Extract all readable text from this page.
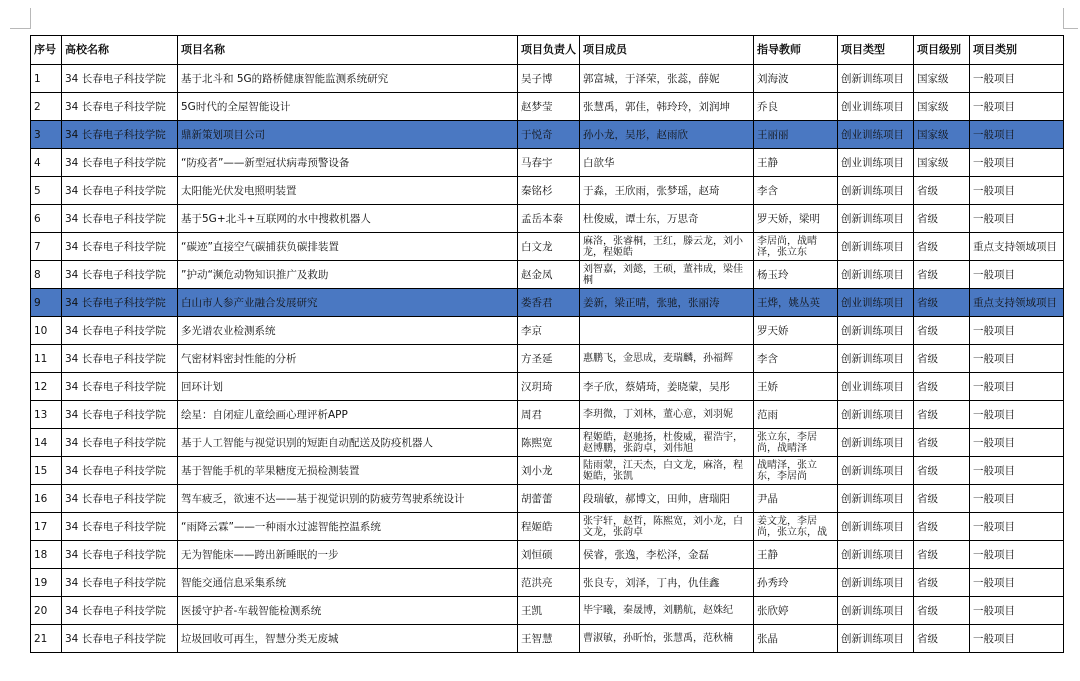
序号	高校名称	项目名称	项目负责人	项目成员	指导教师	项目类型	项目级别	项目类别
1	34 长春电子科技学院	基于北斗和 5G的路桥健康智能监测系统研究	吴子博	郭富城，于泽荣，张蕊，薛妮	刘海波	创新训练项目	国家级	一般项目
2	34 长春电子科技学院	5G时代的全屋智能设计	赵梦莹	张慧禹，郭佳，韩玲玲，刘润坤	乔良	创业训练项目	国家级	一般项目
3	34 长春电子科技学院	鼎新策划项目公司	于悦奇	孙小龙，吴彤，赵雨欣	王丽丽	创业训练项目	国家级	一般项目
4	34 长春电子科技学院	“防疫者”——新型冠状病毒预警设备	马春宇	白歆华	王静	创业训练项目	国家级	一般项目
5	34 长春电子科技学院	太阳能光伏发电照明装置	秦铭杉	于淼，王欣雨，张梦瑶，赵琦	李含	创新训练项目	省级	一般项目
6	34 长春电子科技学院	基于5G+北斗+互联网的水中搜救机器人	孟岳本泰	杜俊威，谭士东，万思奇	罗天娇，梁明	创新训练项目	省级	一般项目
7	34 长春电子科技学院	“碳迹”直接空气碳捕获负碳排装置	白文龙	麻洛，张睿桐，王红，滕云龙，刘小龙，程姬皓	李居尚，战晴泽，张立东	创新训练项目	省级	重点支持领域项目
8	34 长春电子科技学院	”护动“濒危动物知识推广及救助	赵金凤	刘智嘉，刘懿，王硕，董祎成，梁佳桐	杨玉玲	创新训练项目	省级	一般项目
9	34 长春电子科技学院	白山市人参产业融合发展研究	娄香君	姜新，梁正晴，张驰，张丽涛	王烨，姚丛英	创业训练项目	省级	重点支持领域项目
10	34 长春电子科技学院	多光谱农业检测系统	李京		罗天娇	创新训练项目	省级	一般项目
11	34 长春电子科技学院	气密材料密封性能的分析	方圣延	惠鹏飞，金思成，麦瑞麟，孙福辉	李含	创新训练项目	省级	一般项目
12	34 长春电子科技学院	回环计划	汉玥琦	李子欣，蔡婧琦，姜晓蒙，吴彤	王娇	创业训练项目	省级	一般项目
13	34 长春电子科技学院	绘星：自闭症儿童绘画心理评析APP	周君	李玥微，丁刘林，董心意，刘羽妮	范雨	创新训练项目	省级	一般项目
14	34 长春电子科技学院	基于人工智能与视觉识别的短距自动配送及防疫机器人	陈熙宽	程姬皓，赵驰扬，杜俊威，翟浩宇，赵博鹏，张韵卓，刘伟旭	张立东，李居尚，战晴泽	创新训练项目	省级	一般项目
15	34 长春电子科技学院	基于智能手机的苹果糖度无损检测装置	刘小龙	陆雨蒙，江天杰，白文龙，麻洛，程姬皓，张凯	战晴泽，张立东，李居尚	创新训练项目	省级	一般项目
16	34 长春电子科技学院	驾车疲乏，欲速不达——基于视觉识别的防疲劳驾驶系统设计	胡蕾蕾	段瑞敏，郝博文，田帅，唐瑞阳	尹晶	创新训练项目	省级	一般项目
17	34 长春电子科技学院	“雨降云霖”——一种雨水过滤智能控温系统	程姬皓	张宇轩，赵哲，陈熙宽，刘小龙，白文龙，张韵卓	姜文龙，李居尚，张立东，战	创新训练项目	省级	一般项目
18	34 长春电子科技学院	无为智能床——跨出新睡眠的一步	刘恒硕	侯睿，张逸，李松泽，金磊	王静	创新训练项目	省级	一般项目
19	34 长春电子科技学院	智能交通信息采集系统	范洪亮	张良专，刘泽，丁冉，仇佳鑫	孙秀玲	创新训练项目	省级	一般项目
20	34 长春电子科技学院	医援守护者-车载智能检测系统	王凯	毕宇曦，秦晟博，刘鹏航，赵姝纪	张欣婷	创新训练项目	省级	一般项目
21	34 长春电子科技学院	垃圾回收可再生，智慧分类无废城	王智慧	曹淑敏，孙昕怡，张慧禹，范秋楠	张晶	创新训练项目	省级	一般项目
